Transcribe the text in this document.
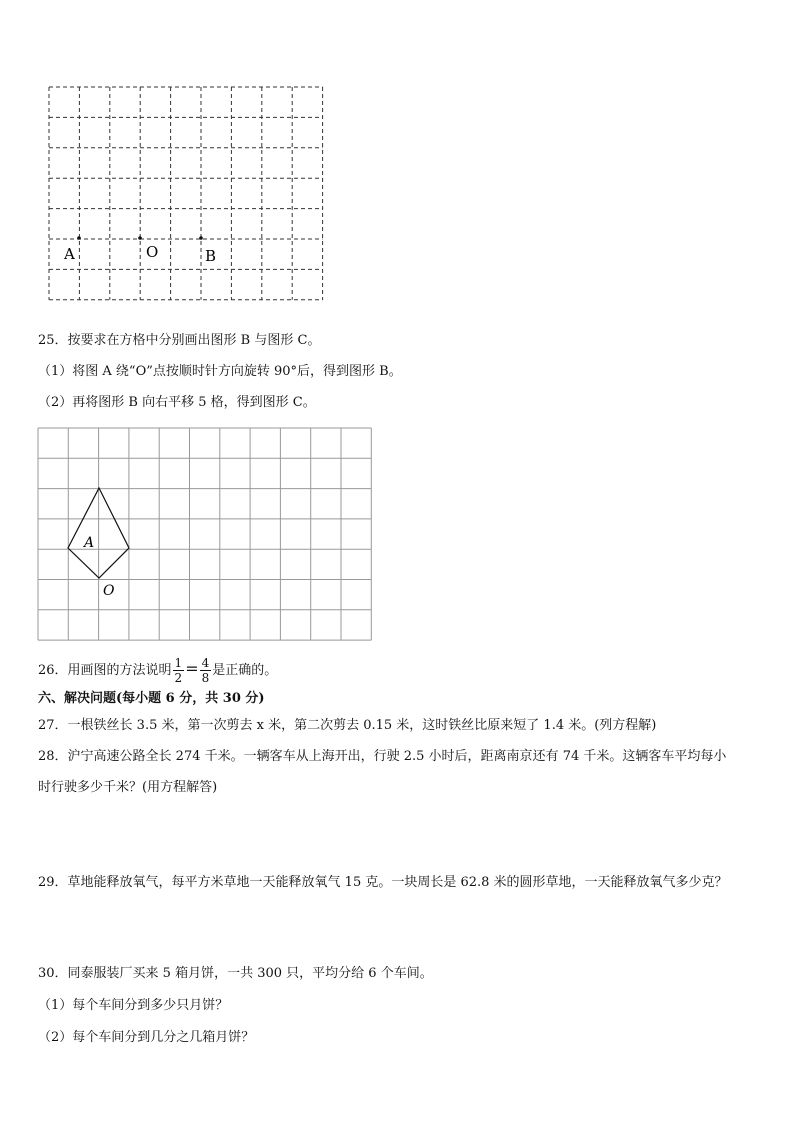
A	O	B
25．按要求在方格中分别画出图形 B 与图形 C。
（1）将图 A 绕“O”点按顺时针方向旋转 90°后，得到图形 B。
（2）再将图形 B 向右平移 5 格，得到图形 C。
A
O
26．用画图的方法说明 $\frac{1}{2} = \frac{4}{8}$ 是正确的。
六、解决问题(每小题 6 分，共 30 分)
27．一根铁丝长 3.5 米，第一次剪去 x 米，第二次剪去 0.15 米，这时铁丝比原来短了 1.4 米。(列方程解)
28．沪宁高速公路全长 274 千米。一辆客车从上海开出，行驶 2.5 小时后，距离南京还有 74 千米。这辆客车平均每小
时行驶多少千米？(用方程解答)
29．草地能释放氧气，每平方米草地一天能释放氧气 15 克。一块周长是 62.8 米的圆形草地，一天能释放氧气多少克？
30．同泰服装厂买来 5 箱月饼，一共 300 只，平均分给 6 个车间。
（1）每个车间分到多少只月饼？
（2）每个车间分到几分之几箱月饼？
